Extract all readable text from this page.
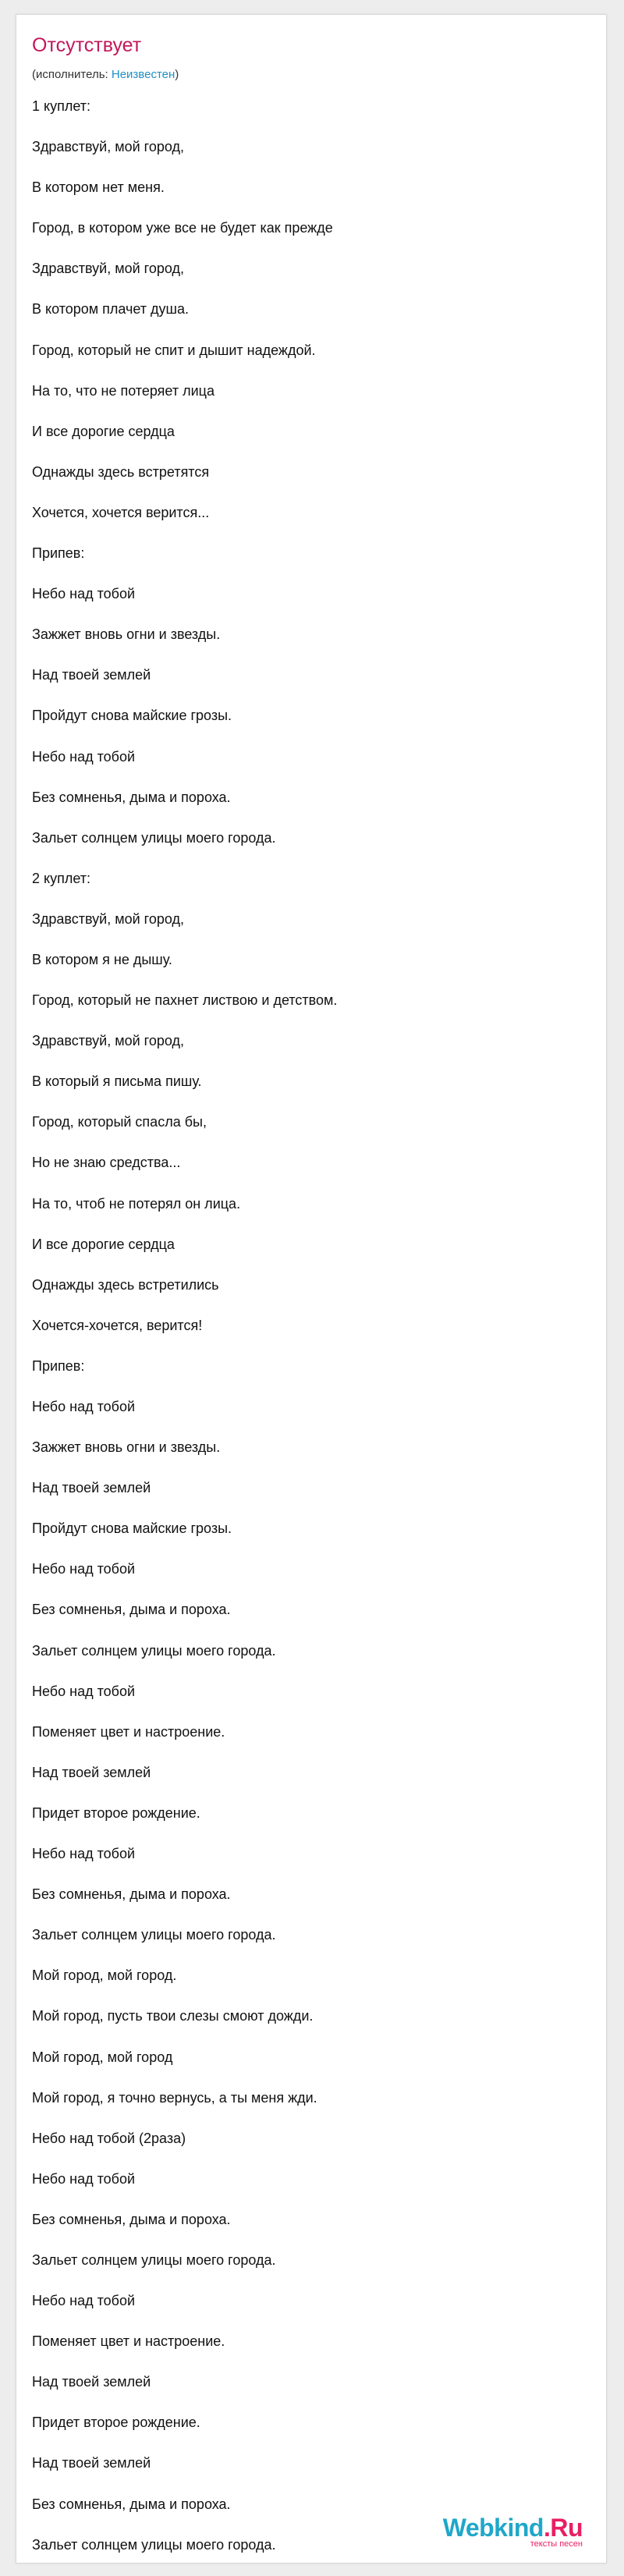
Отсутствует
(исполнитель: Неизвестен)
1 куплет:
Здравствуй, мой город,
В котором нет меня.
Город, в котором уже все не будет как прежде
Здравствуй, мой город,
В котором плачет душа.
Город, который не спит и дышит надеждой.
На то, что не потеряет лица
И все дорогие сердца
Однажды здесь встретятся
Хочется, хочется верится...
Припев:
Небо над тобой
Зажжет вновь огни и звезды.
Над твоей землей
Пройдут снова майские грозы.
Небо над тобой
Без сомненья, дыма и пороха.
Зальет солнцем улицы моего города.
2 куплет:
Здравствуй, мой город,
В котором я не дышу.
Город, который не пахнет листвою и детством.
Здравствуй, мой город,
В который я письма пишу.
Город, который спасла бы,
Но не знаю средства...
На то, чтоб не потерял он лица.
И все дорогие сердца
Однажды здесь встретились
Хочется-хочется, верится!
Припев:
Небо над тобой
Зажжет вновь огни и звезды.
Над твоей землей
Пройдут снова майские грозы.
Небо над тобой
Без сомненья, дыма и пороха.
Зальет солнцем улицы моего города.
Небо над тобой
Поменяет цвет и настроение.
Над твоей землей
Придет второе рождение.
Небо над тобой
Без сомненья, дыма и пороха.
Зальет солнцем улицы моего города.
Мой город, мой город.
Мой город, пусть твои слезы смоют дожди.
Мой город, мой город
Мой город, я точно вернусь, а ты меня жди.
Небо над тобой (2раза)
Небо над тобой
Без сомненья, дыма и пороха.
Зальет солнцем улицы моего города.
Небо над тобой
Поменяет цвет и настроение.
Над твоей землей
Придет второе рождение.
Над твоей землей
Без сомненья, дыма и пороха.
Зальет солнцем улицы моего города.
Webkind.Ru
тексты песен
